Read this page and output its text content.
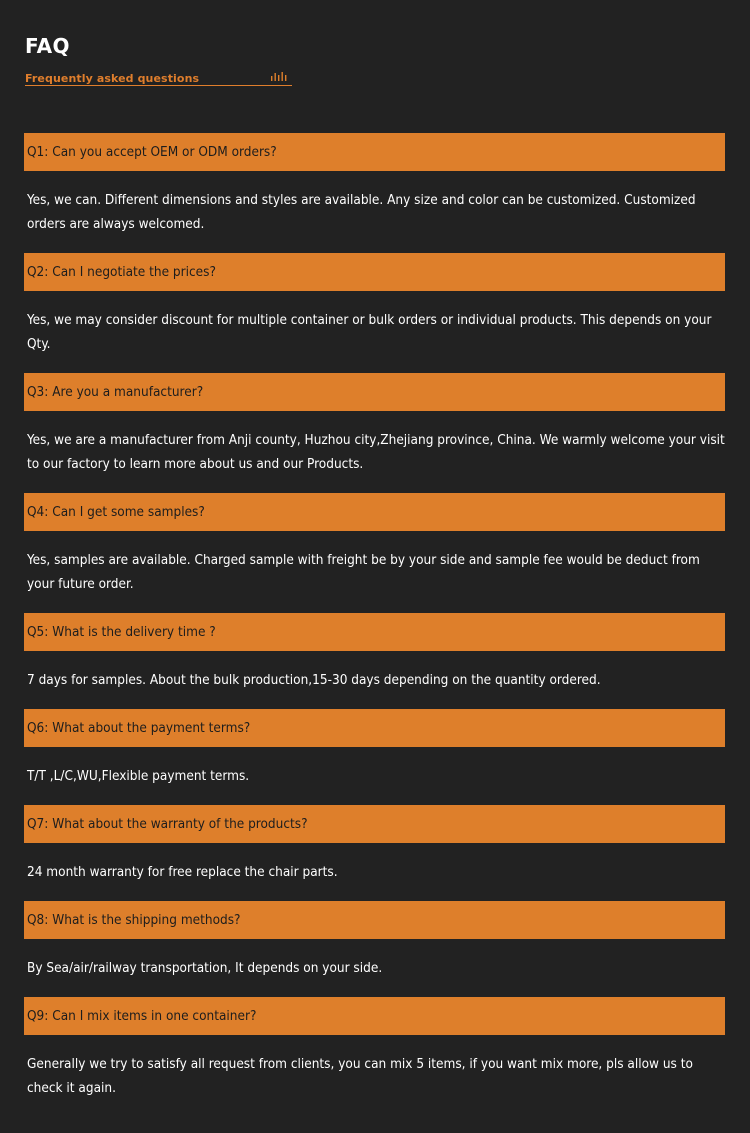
FAQ
Frequently asked questions
Q1: Can you accept OEM or ODM orders?
Yes, we can. Different dimensions and styles are available. Any size and color can be customized. Customized orders are always welcomed.
Q2: Can I negotiate the prices?
Yes, we may consider discount for multiple container or bulk orders or individual products. This depends on your Qty.
Q3: Are you a manufacturer?
Yes, we are a manufacturer from Anji county, Huzhou city,Zhejiang province, China. We warmly welcome your visit to our factory to learn more about us and our Products.
Q4: Can I get some samples?
Yes, samples are available. Charged sample with freight be by your side and sample fee would be deduct from your future order.
Q5: What is the delivery time ?
7 days for samples. About the bulk production,15-30 days depending on the quantity ordered.
Q6: What about the payment terms?
T/T ,L/C,WU,Flexible payment terms.
Q7: What about the warranty of the products?
24 month warranty for free replace the chair parts.
Q8: What is the shipping methods?
By Sea/air/railway transportation, It depends on your side.
Q9: Can I mix items in one container?
Generally we try to satisfy all request from clients, you can mix 5 items, if you want mix more, pls allow us to check it again.
